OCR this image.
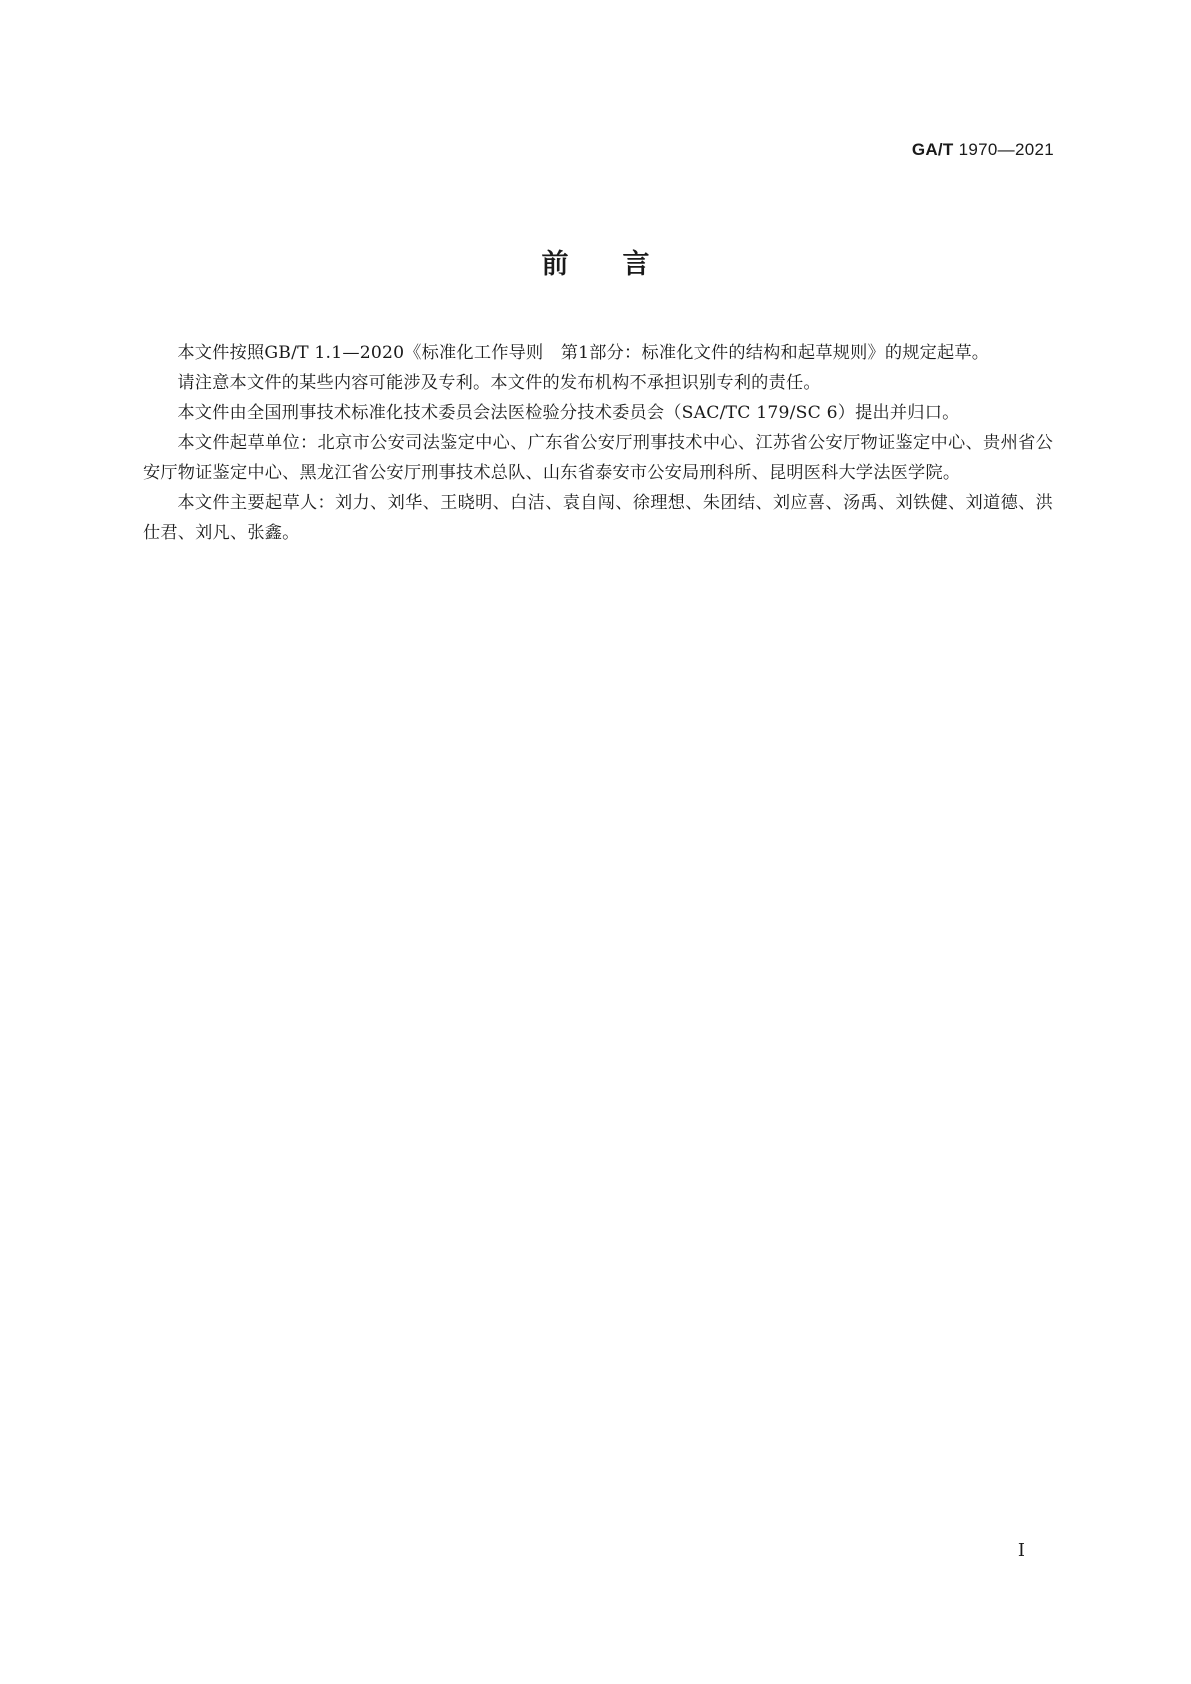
GA/T 1970—2021
前言

本文件按照GB/T 1.1—2020《标准化工作导则　第1部分：标准化文件的结构和起草规则》的规定起草。

请注意本文件的某些内容可能涉及专利。本文件的发布机构不承担识别专利的责任。

本文件由全国刑事技术标准化技术委员会法医检验分技术委员会（SAC/TC 179/SC 6）提出并归口。

本文件起草单位：北京市公安司法鉴定中心、广东省公安厅刑事技术中心、江苏省公安厅物证鉴定中心、贵州省公安厅物证鉴定中心、黑龙江省公安厅刑事技术总队、山东省泰安市公安局刑科所、昆明医科大学法医学院。

本文件主要起草人：刘力、刘华、王晓明、白洁、袁自闯、徐理想、朱团结、刘应喜、汤禹、刘铁健、刘道德、洪仕君、刘凡、张鑫。

I
